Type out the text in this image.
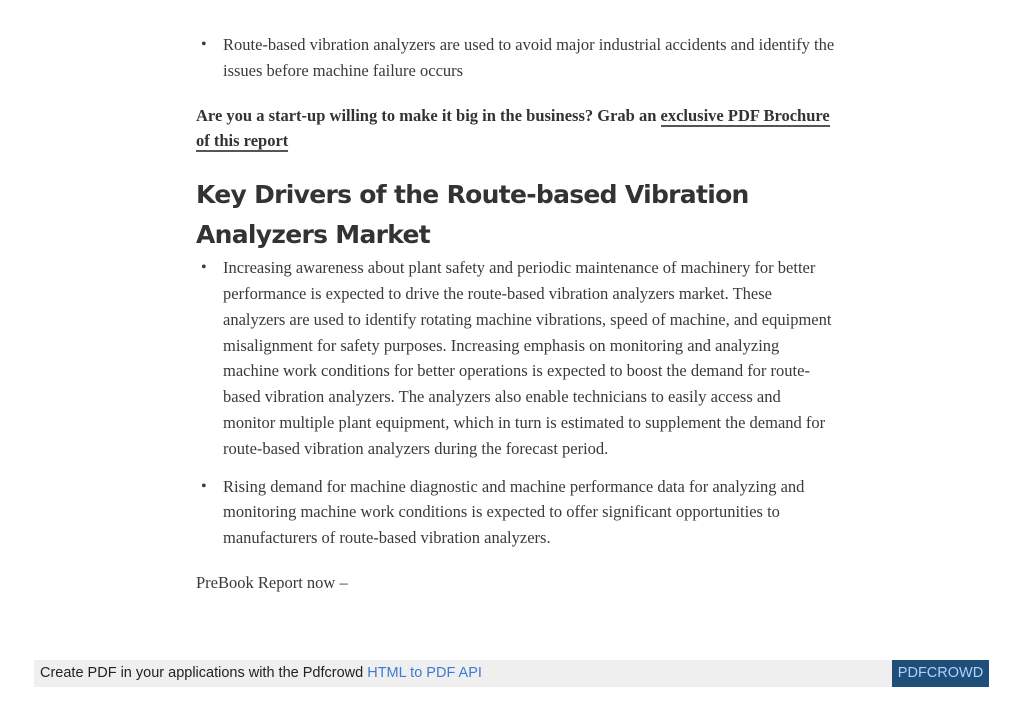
• Route-based vibration analyzers are used to avoid major industrial accidents and identify the issues before machine failure occurs

Are you a start-up willing to make it big in the business? Grab an exclusive PDF Brochure of this report

Key Drivers of the Route-based Vibration Analyzers Market
• Increasing awareness about plant safety and periodic maintenance of machinery for better performance is expected to drive the route-based vibration analyzers market. These analyzers are used to identify rotating machine vibrations, speed of machine, and equipment misalignment for safety purposes. Increasing emphasis on monitoring and analyzing machine work conditions for better operations is expected to boost the demand for route-based vibration analyzers. The analyzers also enable technicians to easily access and monitor multiple plant equipment, which in turn is estimated to supplement the demand for route-based vibration analyzers during the forecast period.
• Rising demand for machine diagnostic and machine performance data for analyzing and monitoring machine work conditions is expected to offer significant opportunities to manufacturers of route-based vibration analyzers.

PreBook Report now –

Create PDF in your applications with the Pdfcrowd HTML to PDF API	PDFCROWD
